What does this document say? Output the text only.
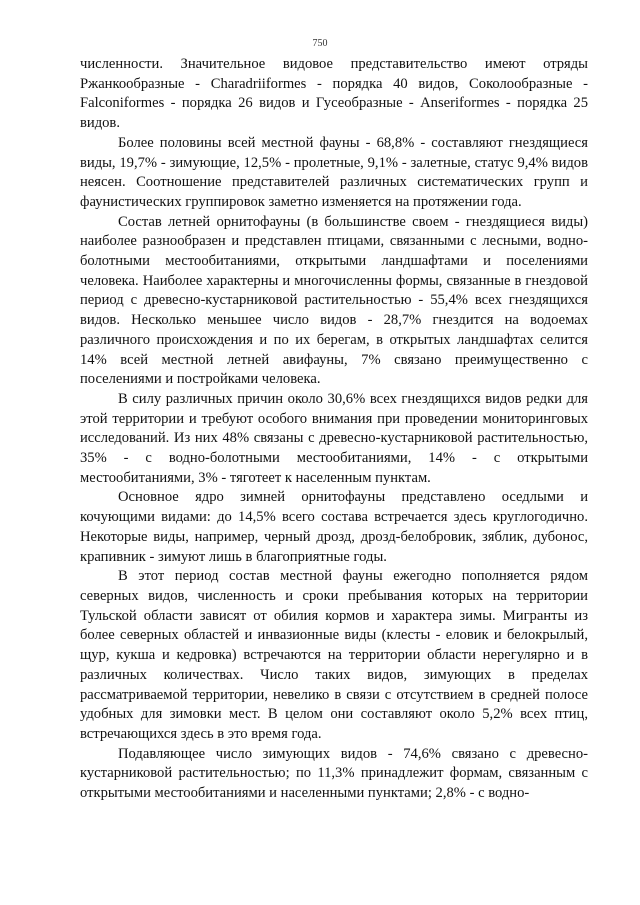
750

численности. Значительное видовое представительство имеют отряды Ржанкообразные - Charadriiformes - порядка 40 видов, Соколообразные - Falconiformes - порядка 26 видов и Гусеобразные - Anseriformes - порядка 25 видов.

Более половины всей местной фауны - 68,8% - составляют гнездящиеся виды, 19,7% - зимующие, 12,5% - пролетные, 9,1% - залетные, статус 9,4% видов неясен. Соотношение представителей различных систематических групп и фаунистических группировок заметно изменяется на протяжении года.

Состав летней орнитофауны (в большинстве своем - гнездящиеся виды) наиболее разнообразен и представлен птицами, связанными с лесными, водно-болотными местообитаниями, открытыми ландшафтами и поселениями человека. Наиболее характерны и многочисленны формы, связанные в гнездовой период с древесно-кустарниковой растительностью - 55,4% всех гнездящихся видов. Несколько меньшее число видов - 28,7% гнездится на водоемах различного происхождения и по их берегам, в открытых ландшафтах селится 14% всей местной летней авифауны, 7% связано преимущественно с поселениями и постройками человека.

В силу различных причин около 30,6% всех гнездящихся видов редки для этой территории и требуют особого внимания при проведении мониторинговых исследований. Из них 48% связаны с древесно-кустарниковой растительностью, 35% - с водно-болотными местообитаниями, 14% - с открытыми местообитаниями, 3% - тяготеет к населенным пунктам.

Основное ядро зимней орнитофауны представлено оседлыми и кочующими видами: до 14,5% всего состава встречается здесь круглогодично. Некоторые виды, например, черный дрозд, дрозд-белобровик, зяблик, дубонос, крапивник - зимуют лишь в благоприятные годы.

В этот период состав местной фауны ежегодно пополняется рядом северных видов, численность и сроки пребывания которых на территории Тульской области зависят от обилия кормов и характера зимы. Мигранты из более северных областей и инвазионные виды (клесты - еловик и белокрылый, щур, кукша и кедровка) встречаются на территории области нерегулярно и в различных количествах. Число таких видов, зимующих в пределах рассматриваемой территории, невелико в связи с отсутствием в средней полосе удобных для зимовки мест. В целом они составляют около 5,2% всех птиц, встречающихся здесь в это время года.

Подавляющее число зимующих видов - 74,6% связано с древесно-кустарниковой растительностью; по 11,3% принадлежит формам, связанным с открытыми местообитаниями и населенными пунктами; 2,8% - с водно-
